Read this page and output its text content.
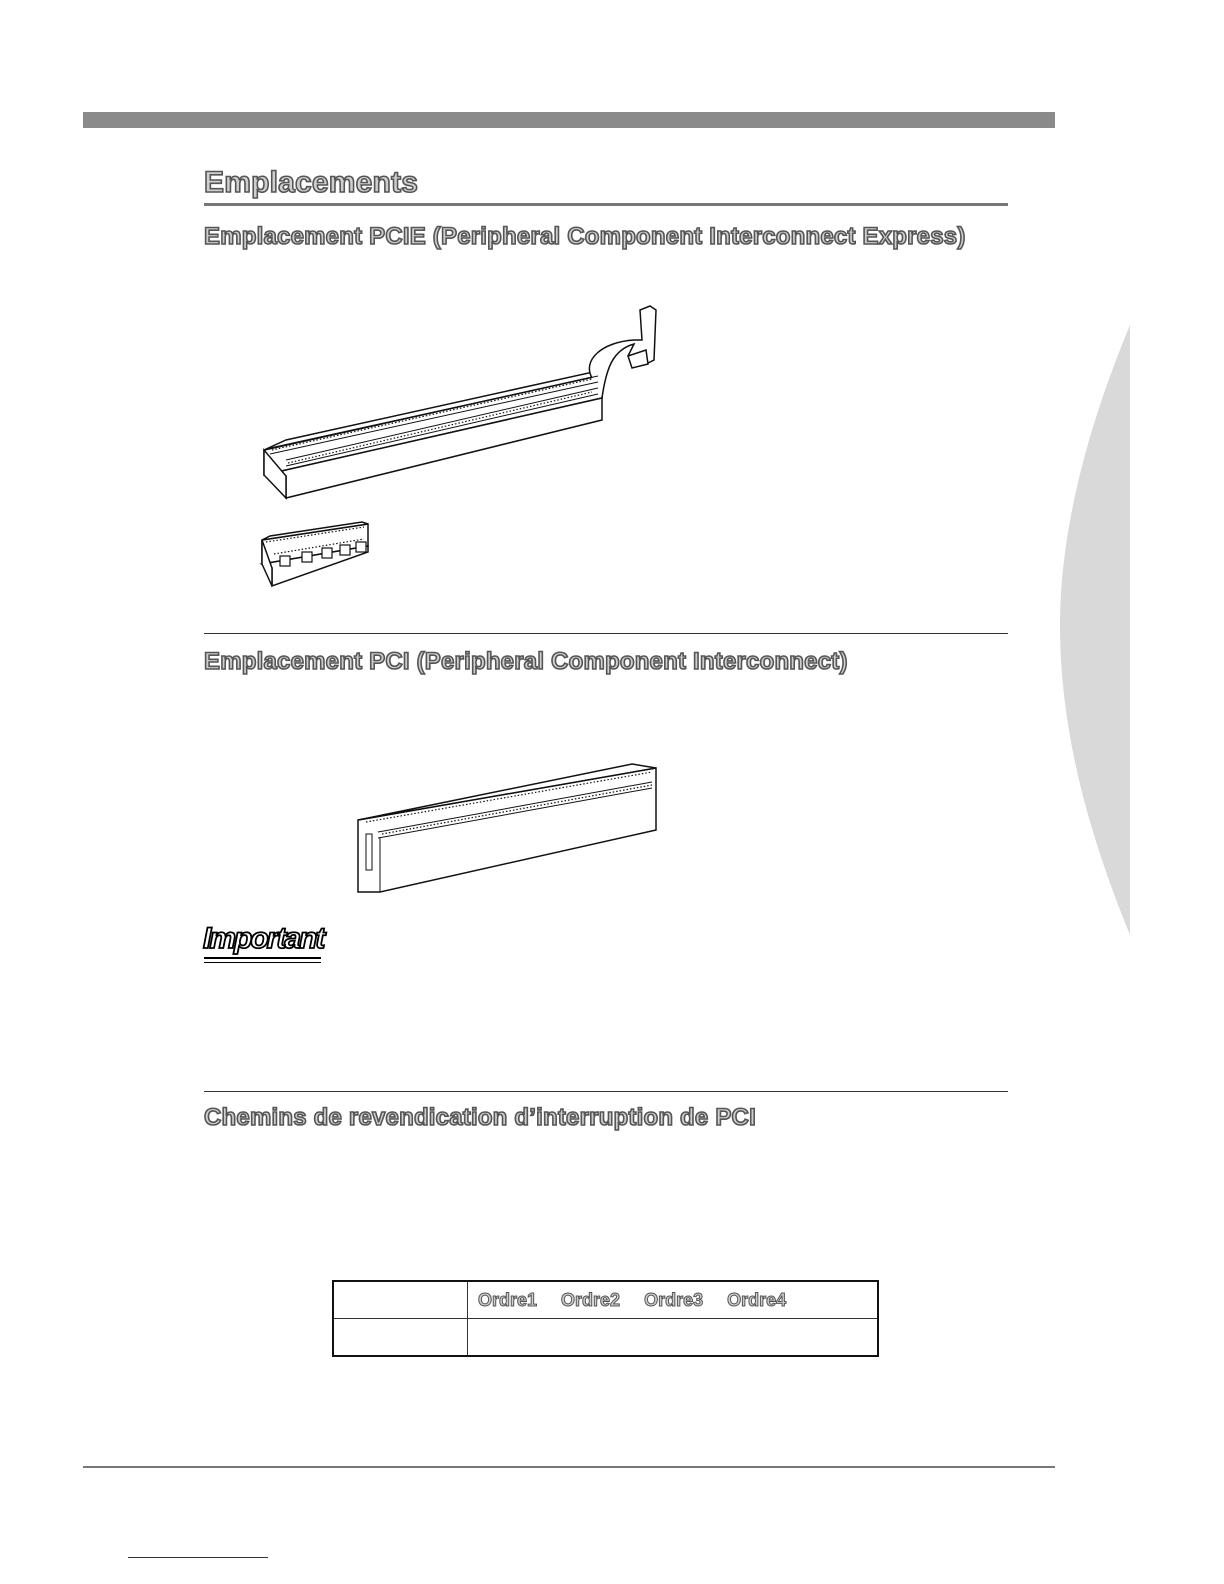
Emplacements
Emplacement PCIE (Peripheral Component Interconnect Express)
Emplacement PCI (Peripheral Component Interconnect)
Important
Chemins de revendication d’interruption de PCI

	Ordre1 Ordre2 Ordre3 Ordre4
